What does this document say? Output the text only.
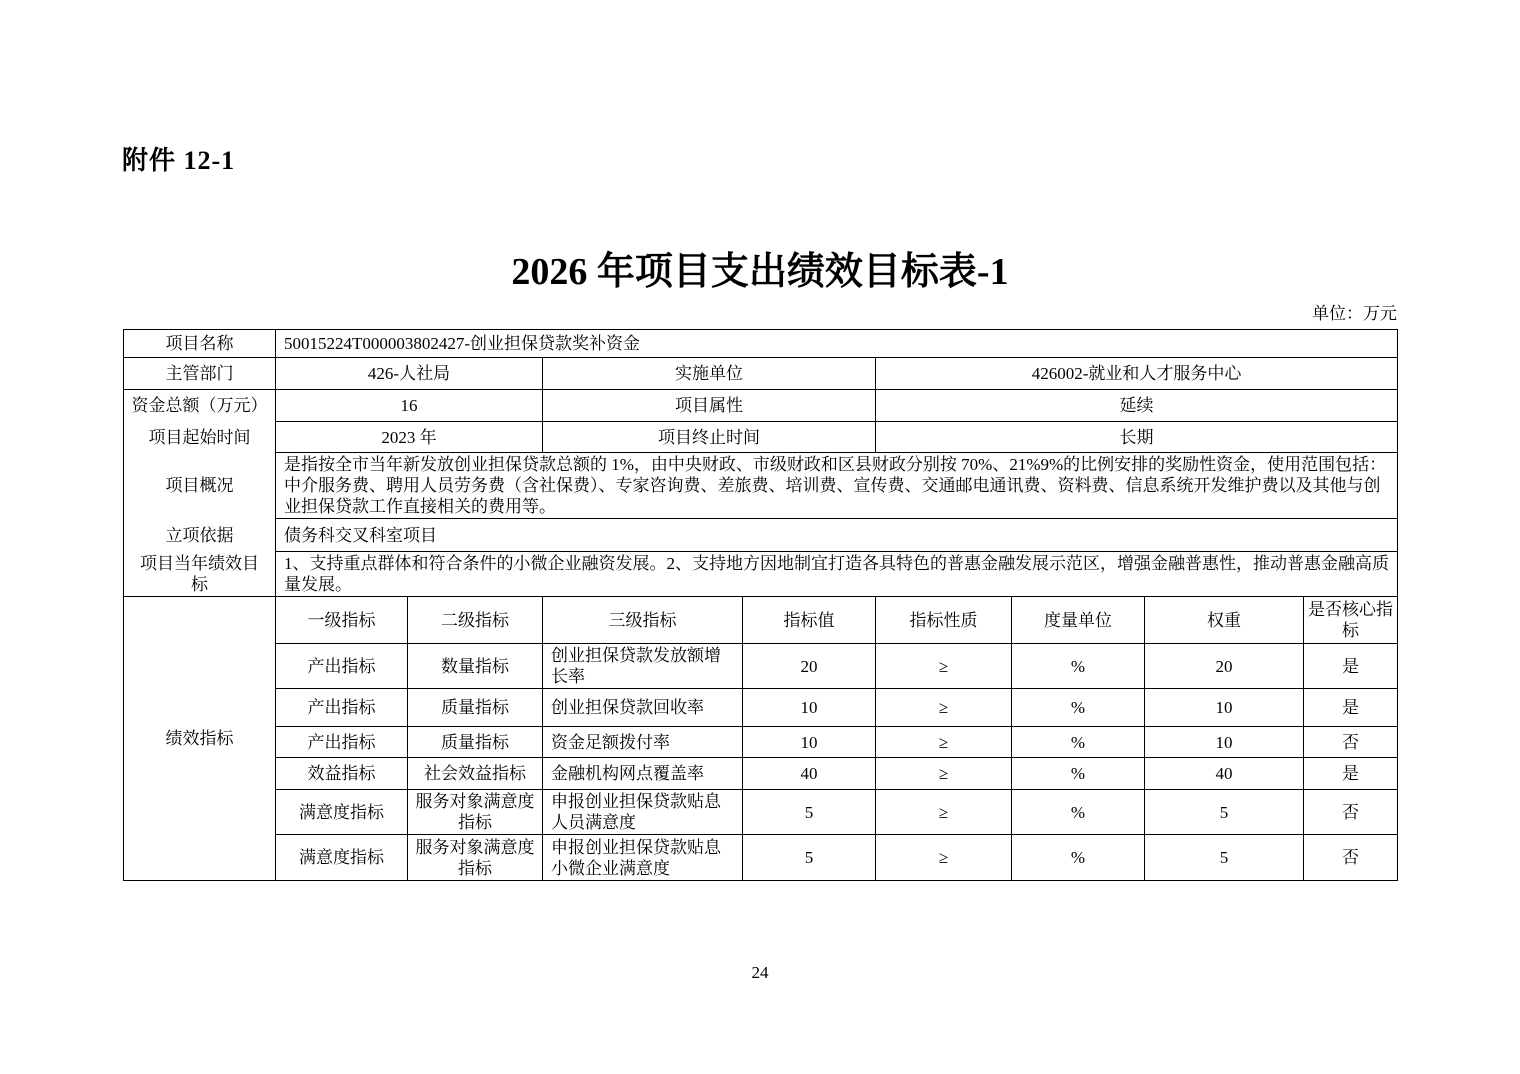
附件 12-1
2026 年项目支出绩效目标表-1
单位：万元
项目名称	50015224T000003802427-创业担保贷款奖补资金							
主管部门	426-人社局		实施单位		426002-就业和人才服务中心			
资金总额（万元）	16		项目属性		延续			
项目起始时间	2023 年		项目终止时间		长期			
项目概况	是指按全市当年新发放创业担保贷款总额的 1%，由中央财政、市级财政和区县财政分别按 70%、21%9%的比例安排的奖励性资金，使用范围包括：中介服务费、聘用人员劳务费（含社保费）、专家咨询费、差旅费、培训费、宣传费、交通邮电通讯费、资料费、信息系统开发维护费以及其他与创业担保贷款工作直接相关的费用等。							
立项依据	债务科交叉科室项目							
项目当年绩效目标	1、支持重点群体和符合条件的小微企业融资发展。2、支持地方因地制宜打造各具特色的普惠金融发展示范区，增强金融普惠性，推动普惠金融高质量发展。							
绩效指标	一级指标	二级指标	三级指标	指标值	指标性质	度量单位	权重	是否核心指标
	产出指标	数量指标	创业担保贷款发放额增长率	20	≥	%	20	是
	产出指标	质量指标	创业担保贷款回收率	10	≥	%	10	是
	产出指标	质量指标	资金足额拨付率	10	≥	%	10	否
	效益指标	社会效益指标	金融机构网点覆盖率	40	≥	%	40	是
	满意度指标	服务对象满意度指标	申报创业担保贷款贴息人员满意度	5	≥	%	5	否
	满意度指标	服务对象满意度指标	申报创业担保贷款贴息小微企业满意度	5	≥	%	5	否
24
